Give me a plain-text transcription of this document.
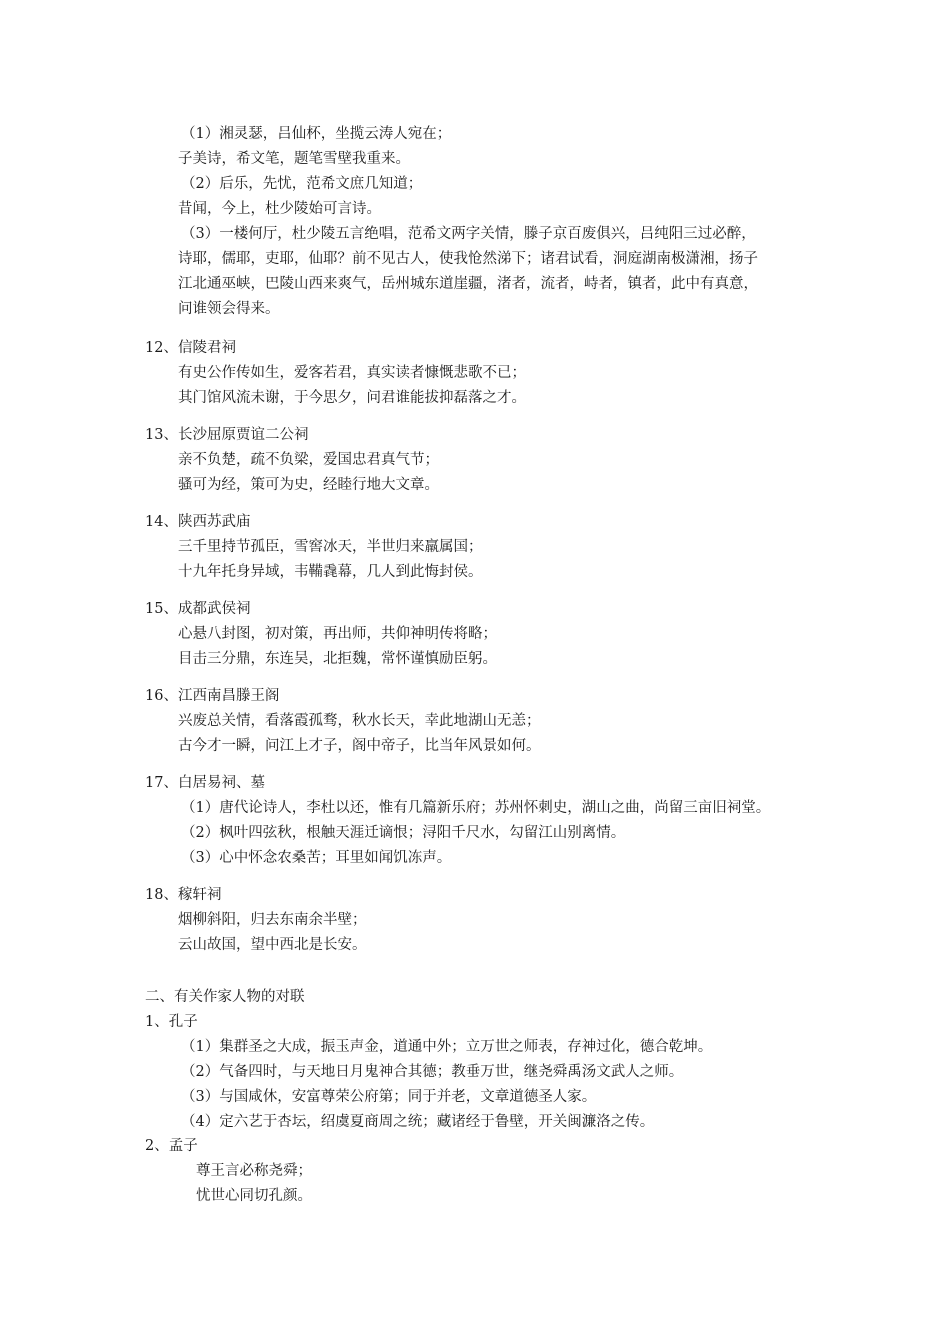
（1）湘灵瑟，吕仙杯，坐揽云涛人宛在；
子美诗，希文笔，题笔雪壁我重来。
（2）后乐，先忧，范希文庶几知道；
昔闻，今上，杜少陵始可言诗。
（3）一楼何厅，杜少陵五言绝唱，范希文两字关情，滕子京百废俱兴，吕纯阳三过必醉，
诗耶，儒耶，吏耶，仙耶？前不见古人，使我怆然涕下；诸君试看，洞庭湖南极潇湘，扬子
江北通巫峡，巴陵山西来爽气，岳州城东道崖疆，渚者，流者，峙者，镇者，此中有真意，
问谁领会得来。
12、信陵君祠
有史公作传如生，爱客若君，真实读者慷慨悲歌不已；
其门馆风流未谢，于今思夕，问君谁能拔抑磊落之才。
13、长沙屈原贾谊二公祠
亲不负楚，疏不负梁，爱国忠君真气节；
骚可为经，策可为史，经睦行地大文章。
14、陕西苏武庙
三千里持节孤臣，雪窖冰天，半世归来羸属国；
十九年托身异域，韦鞴毳幕，几人到此悔封侯。
15、成都武侯祠
心悬八封图，初对策，再出师，共仰神明传将略；
目击三分鼎，东连吴，北拒魏，常怀谨慎励臣躬。
16、江西南昌滕王阁
兴废总关情，看落霞孤骛，秋水长天，幸此地湖山无恙；
古今才一瞬，问江上才子，阁中帝子，比当年风景如何。
17、白居易祠、墓
（1）唐代论诗人，李杜以还，惟有几篇新乐府；苏州怀刺史，湖山之曲，尚留三亩旧祠堂。
（2）枫叶四弦秋，根触天涯迁谪恨；浔阳千尺水，勾留江山别离情。
（3）心中怀念农桑苦；耳里如闻饥冻声。
18、稼轩祠
烟柳斜阳，归去东南余半壁；
云山故国，望中西北是长安。
二、有关作家人物的对联
1、孔子
（1）集群圣之大成，振玉声金，道通中外；立万世之师表，存神过化，德合乾坤。
（2）气备四时，与天地日月鬼神合其德；教垂万世，继尧舜禹汤文武人之师。
（3）与国咸休，安富尊荣公府第；同于并老，文章道德圣人家。
（4）定六艺于杏坛，绍虞夏商周之统；藏诸经于鲁壁，开关闽濂洛之传。
2、孟子
尊王言必称尧舜；
忧世心同切孔颜。
